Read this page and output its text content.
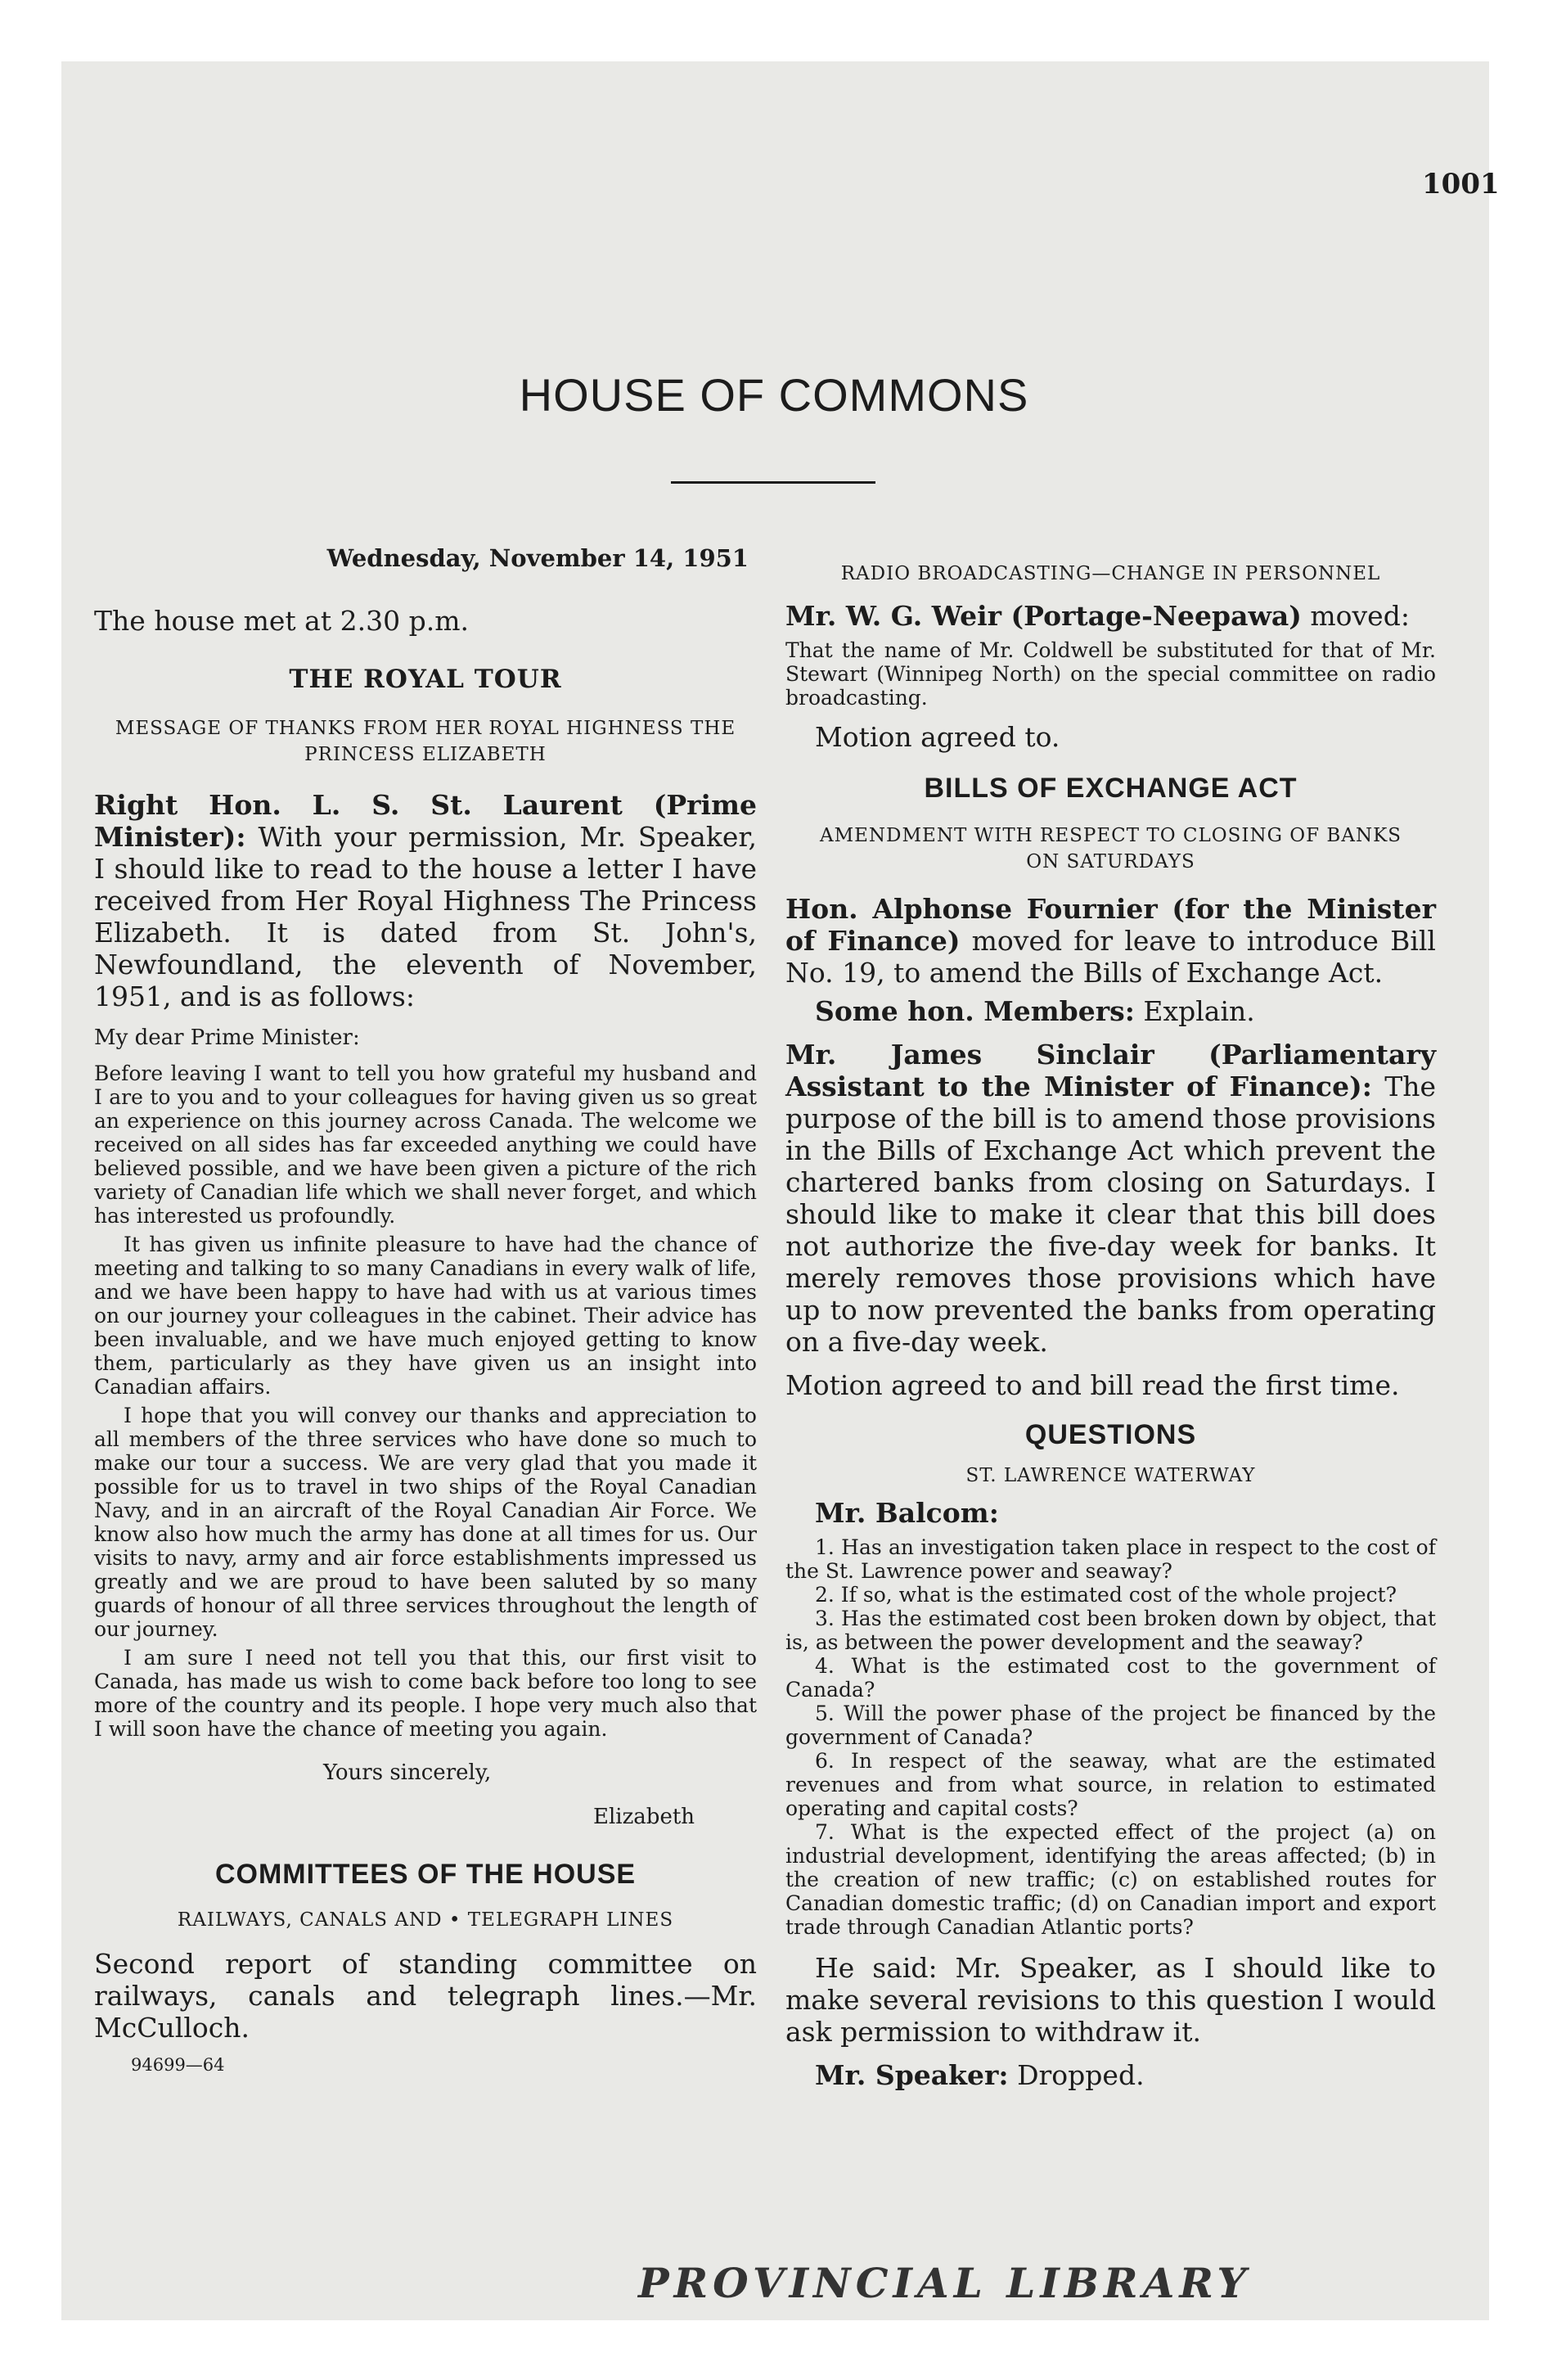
1001
HOUSE OF COMMONS
Wednesday, November 14, 1951

The house met at 2.30 p.m.

THE ROYAL TOUR
MESSAGE OF THANKS FROM HER ROYAL HIGHNESS THE PRINCESS ELIZABETH

Right Hon. L. S. St. Laurent (Prime Minister): With your permission, Mr. Speaker, I should like to read to the house a letter I have received from Her Royal Highness The Princess Elizabeth. It is dated from St. John's, Newfoundland, the eleventh of November, 1951, and is as follows:

My dear Prime Minister:

Before leaving I want to tell you how grateful my husband and I are to you and to your colleagues for having given us so great an experience on this journey across Canada. The welcome we received on all sides has far exceeded anything we could have believed possible, and we have been given a picture of the rich variety of Canadian life which we shall never forget, and which has interested us profoundly.

It has given us infinite pleasure to have had the chance of meeting and talking to so many Canadians in every walk of life, and we have been happy to have had with us at various times on our journey your colleagues in the cabinet. Their advice has been invaluable, and we have much enjoyed getting to know them, particularly as they have given us an insight into Canadian affairs.

I hope that you will convey our thanks and appreciation to all members of the three services who have done so much to make our tour a success. We are very glad that you made it possible for us to travel in two ships of the Royal Canadian Navy, and in an aircraft of the Royal Canadian Air Force. We know also how much the army has done at all times for us. Our visits to navy, army and air force establishments impressed us greatly and we are proud to have been saluted by so many guards of honour of all three services throughout the length of our journey.

I am sure I need not tell you that this, our first visit to Canada, has made us wish to come back before too long to see more of the country and its people. I hope very much also that I will soon have the chance of meeting you again.

Yours sincerely,

Elizabeth

COMMITTEES OF THE HOUSE
RAILWAYS, CANALS AND • TELEGRAPH LINES

Second report of standing committee on railways, canals and telegraph lines.—Mr. McCulloch.

94699—64

RADIO BROADCASTING—CHANGE IN PERSONNEL

Mr. W. G. Weir (Portage-Neepawa) moved:

That the name of Mr. Coldwell be substituted for that of Mr. Stewart (Winnipeg North) on the special committee on radio broadcasting.

Motion agreed to.

BILLS OF EXCHANGE ACT
AMENDMENT WITH RESPECT TO CLOSING OF BANKS ON SATURDAYS

Hon. Alphonse Fournier (for the Minister of Finance) moved for leave to introduce Bill No. 19, to amend the Bills of Exchange Act.

Some hon. Members: Explain.

Mr. James Sinclair (Parliamentary Assistant to the Minister of Finance): The purpose of the bill is to amend those provisions in the Bills of Exchange Act which prevent the chartered banks from closing on Saturdays. I should like to make it clear that this bill does not authorize the five-day week for banks. It merely removes those provisions which have up to now prevented the banks from operating on a five-day week.

Motion agreed to and bill read the first time.

QUESTIONS
ST. LAWRENCE WATERWAY

Mr. Balcom:

1. Has an investigation taken place in respect to the cost of the St. Lawrence power and seaway?

2. If so, what is the estimated cost of the whole project?

3. Has the estimated cost been broken down by object, that is, as between the power development and the seaway?

4. What is the estimated cost to the government of Canada?

5. Will the power phase of the project be financed by the government of Canada?

6. In respect of the seaway, what are the estimated revenues and from what source, in relation to estimated operating and capital costs?

7. What is the expected effect of the project (a) on industrial development, identifying the areas affected; (b) in the creation of new traffic; (c) on established routes for Canadian domestic traffic; (d) on Canadian import and export trade through Canadian Atlantic ports?

He said: Mr. Speaker, as I should like to make several revisions to this question I would ask permission to withdraw it.

Mr. Speaker: Dropped.

PROVINCIAL LIBRARY
